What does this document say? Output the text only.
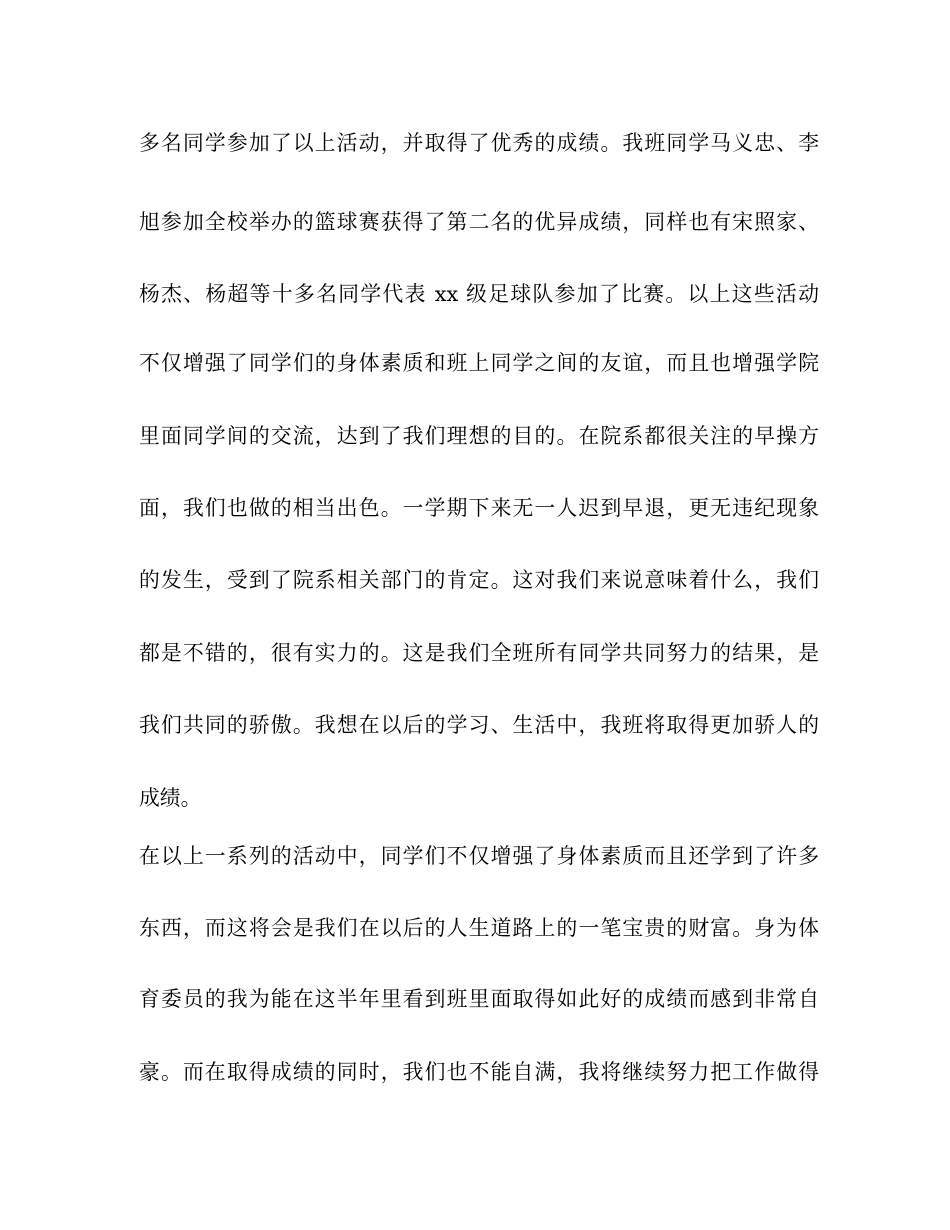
多名同学参加了以上活动，并取得了优秀的成绩。我班同学马义忠、李
旭参加全校举办的篮球赛获得了第二名的优异成绩，同样也有宋照家、
杨杰、杨超等十多名同学代表 xx 级足球队参加了比赛。以上这些活动
不仅增强了同学们的身体素质和班上同学之间的友谊，而且也增强学院
里面同学间的交流，达到了我们理想的目的。在院系都很关注的早操方
面，我们也做的相当出色。一学期下来无一人迟到早退，更无违纪现象
的发生，受到了院系相关部门的肯定。这对我们来说意味着什么，我们
都是不错的，很有实力的。这是我们全班所有同学共同努力的结果，是
我们共同的骄傲。我想在以后的学习、生活中，我班将取得更加骄人的
成绩。
在以上一系列的活动中，同学们不仅增强了身体素质而且还学到了许多
东西，而这将会是我们在以后的人生道路上的一笔宝贵的财富。身为体
育委员的我为能在这半年里看到班里面取得如此好的成绩而感到非常自
豪。而在取得成绩的同时，我们也不能自满，我将继续努力把工作做得
